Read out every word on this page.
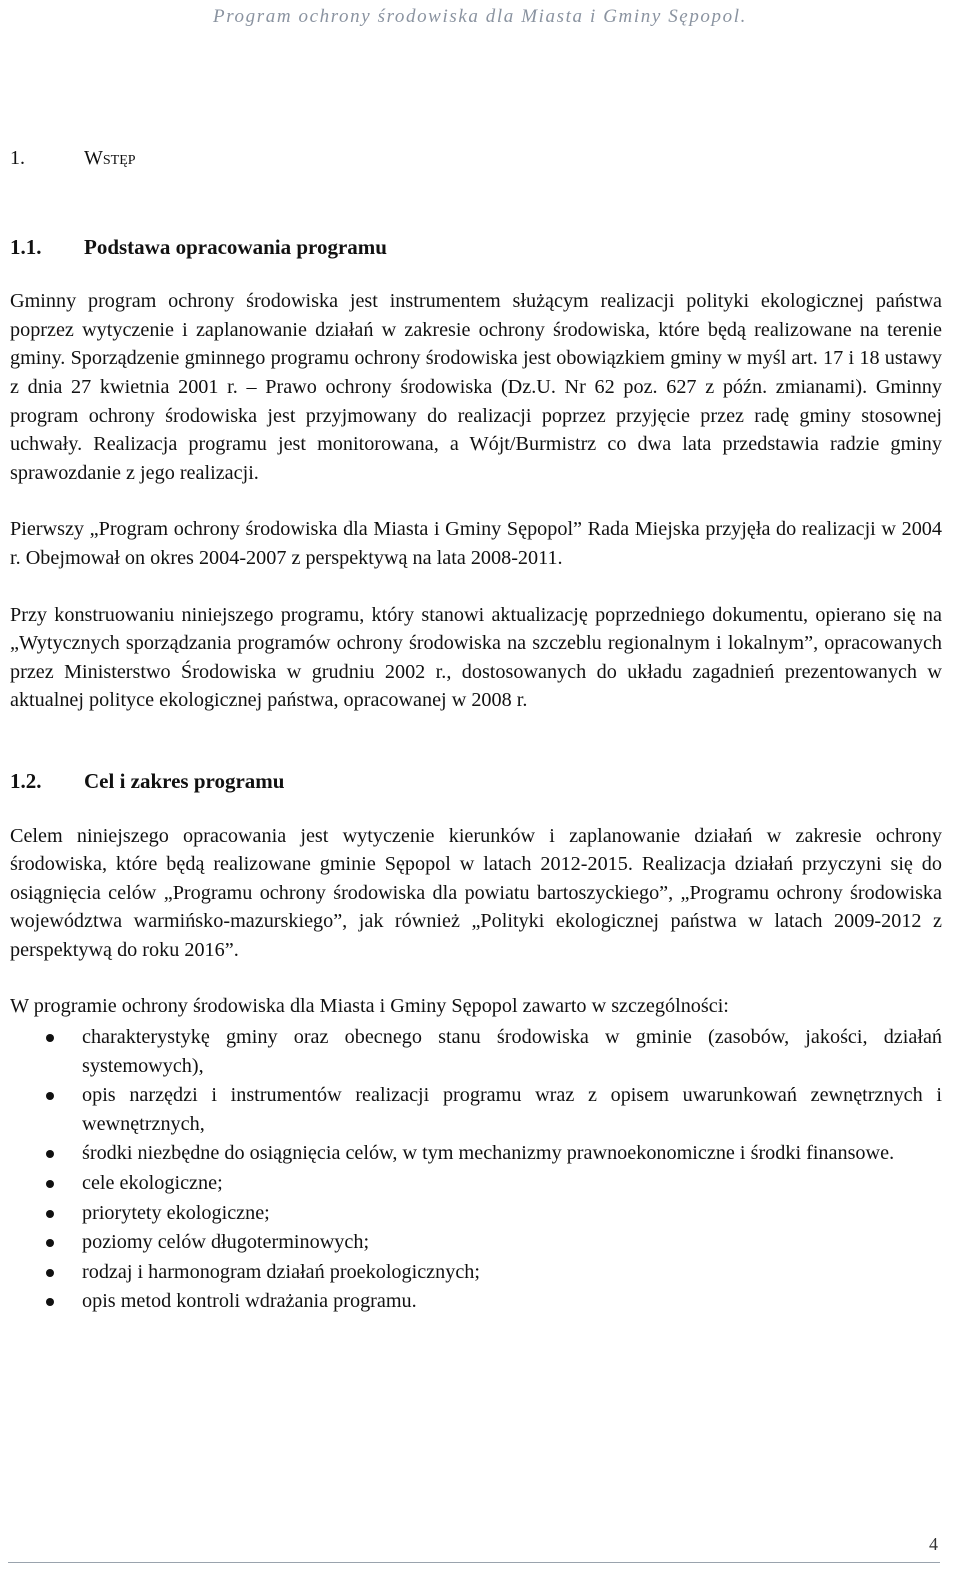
Program ochrony środowiska dla Miasta i Gminy Sępopol.
1.	Wstęp
1.1.	Podstawa opracowania programu

Gminny program ochrony środowiska jest instrumentem służącym realizacji polityki ekologicznej państwa poprzez wytyczenie i zaplanowanie działań w zakresie ochrony środowiska, które będą realizowane na terenie gminy. Sporządzenie gminnego programu ochrony środowiska jest obowiązkiem gminy w myśl art. 17 i 18 ustawy z dnia 27 kwietnia 2001 r. – Prawo ochrony środowiska (Dz.U. Nr 62 poz. 627 z późn. zmianami). Gminny program ochrony środowiska jest przyjmowany do realizacji poprzez przyjęcie przez radę gminy stosownej uchwały. Realizacja programu jest monitorowana, a Wójt/Burmistrz co dwa lata przedstawia radzie gminy sprawozdanie z jego realizacji.

Pierwszy „Program ochrony środowiska dla Miasta i Gminy Sępopol” Rada Miejska przyjęła do realizacji w 2004 r. Obejmował on okres 2004-2007 z perspektywą na lata 2008-2011.

Przy konstruowaniu niniejszego programu, który stanowi aktualizację poprzedniego dokumentu, opierano się na „Wytycznych sporządzania programów ochrony środowiska na szczeblu regionalnym i lokalnym”, opracowanych przez Ministerstwo Środowiska w grudniu 2002 r., dostosowanych do układu zagadnień prezentowanych w aktualnej polityce ekologicznej państwa, opracowanej w 2008 r.

1.2.	Cel i zakres programu

Celem niniejszego opracowania jest wytyczenie kierunków i zaplanowanie działań w zakresie ochrony środowiska, które będą realizowane gminie Sępopol w latach 2012-2015. Realizacja działań przyczyni się do osiągnięcia celów „Programu ochrony środowiska dla powiatu bartoszyckiego”, „Programu ochrony środowiska województwa warmińsko-mazurskiego”, jak również „Polityki ekologicznej państwa w latach 2009-2012 z perspektywą do roku 2016”.

W programie ochrony środowiska dla Miasta i Gminy Sępopol zawarto w szczególności:

charakterystykę gminy oraz obecnego stanu środowiska w gminie (zasobów, jakości, działań systemowych),
opis narzędzi i instrumentów realizacji programu wraz z opisem uwarunkowań zewnętrznych i wewnętrznych,
środki niezbędne do osiągnięcia celów, w tym mechanizmy prawnoekonomiczne i środki finansowe.
cele ekologiczne;
priorytety ekologiczne;
poziomy celów długoterminowych;
rodzaj i harmonogram działań proekologicznych;
opis metod kontroli wdrażania programu.
4
